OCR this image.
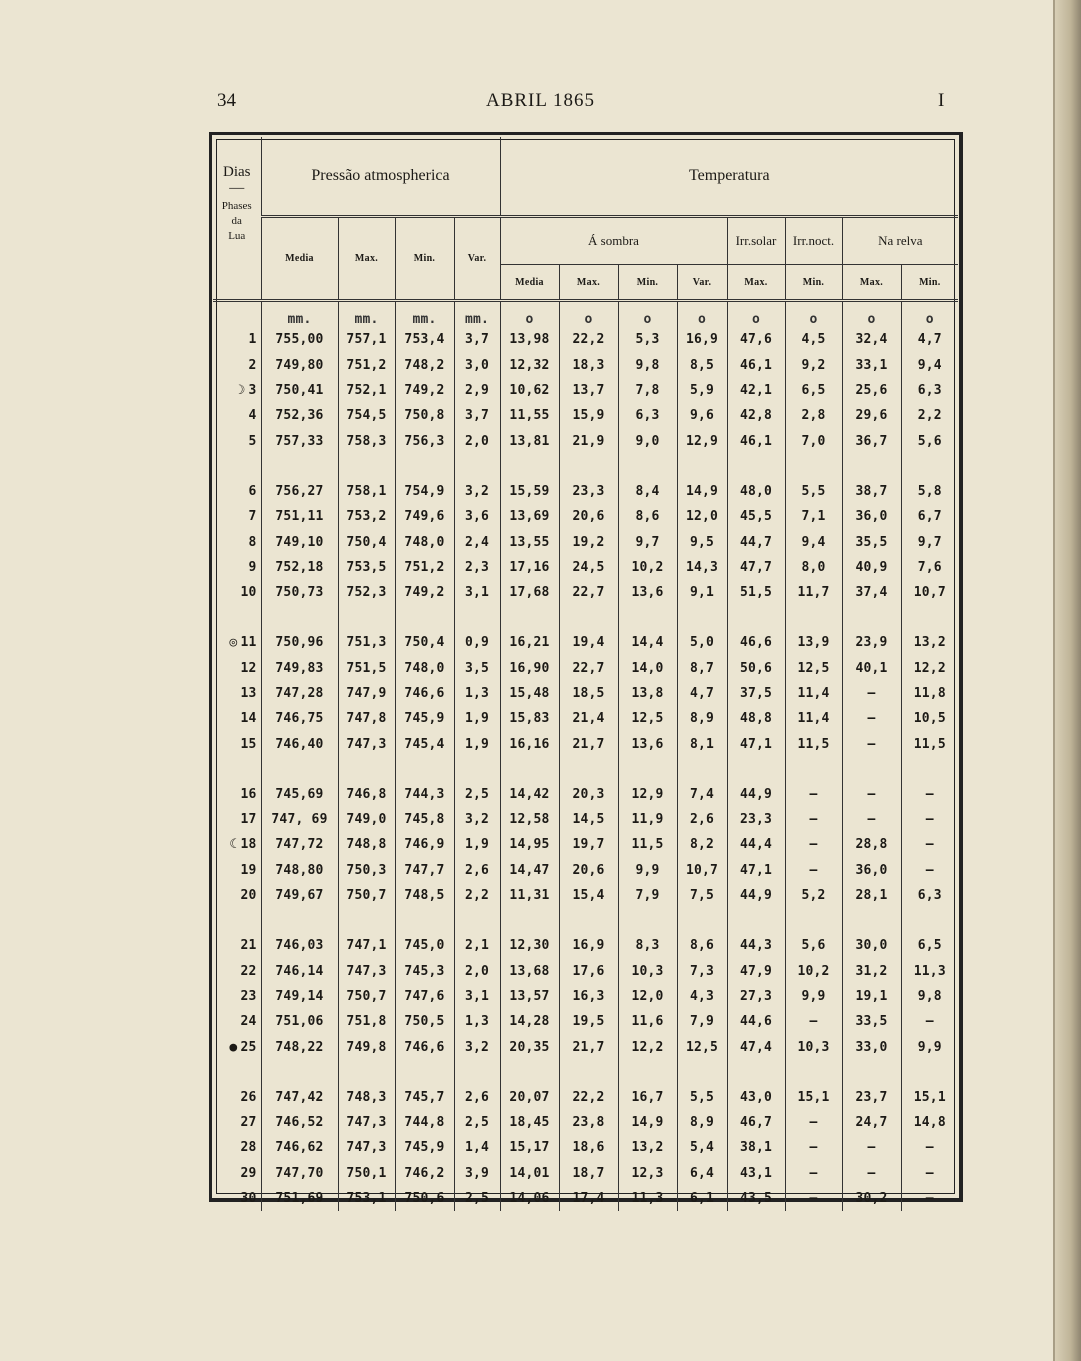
34	ABRIL 1865	I
Dias
—
Phases
da
Lua	Pressão atmospherica				Temperatura							
	Media	Max.	Min.	Var.	Á sombra				Irr.solar	Irr.noct.	Na relva	
					Media	Max.	Min.	Var.	Max.	Min.	Max.	Min.
	mm.	mm.	mm.	mm.	o	o	o	o	o	o	o	o
1	755,00	757,1	753,4	3,7	13,98	22,2	5,3	16,9	47,6	4,5	32,4	4,7
2	749,80	751,2	748,2	3,0	12,32	18,3	9,8	8,5	46,1	9,2	33,1	9,4
☽ 3	750,41	752,1	749,2	2,9	10,62	13,7	7,8	5,9	42,1	6,5	25,6	6,3
4	752,36	754,5	750,8	3,7	11,55	15,9	6,3	9,6	42,8	2,8	29,6	2,2
5	757,33	758,3	756,3	2,0	13,81	21,9	9,0	12,9	46,1	7,0	36,7	5,6

6	756,27	758,1	754,9	3,2	15,59	23,3	8,4	14,9	48,0	5,5	38,7	5,8
7	751,11	753,2	749,6	3,6	13,69	20,6	8,6	12,0	45,5	7,1	36,0	6,7
8	749,10	750,4	748,0	2,4	13,55	19,2	9,7	9,5	44,7	9,4	35,5	9,7
9	752,18	753,5	751,2	2,3	17,16	24,5	10,2	14,3	47,7	8,0	40,9	7,6
10	750,73	752,3	749,2	3,1	17,68	22,7	13,6	9,1	51,5	11,7	37,4	10,7

◎ 11	750,96	751,3	750,4	0,9	16,21	19,4	14,4	5,0	46,6	13,9	23,9	13,2
12	749,83	751,5	748,0	3,5	16,90	22,7	14,0	8,7	50,6	12,5	40,1	12,2
13	747,28	747,9	746,6	1,3	15,48	18,5	13,8	4,7	37,5	11,4	—	11,8
14	746,75	747,8	745,9	1,9	15,83	21,4	12,5	8,9	48,8	11,4	—	10,5
15	746,40	747,3	745,4	1,9	16,16	21,7	13,6	8,1	47,1	11,5	—	11,5

16	745,69	746,8	744,3	2,5	14,42	20,3	12,9	7,4	44,9	—	—	—
17	747, 69	749,0	745,8	3,2	12,58	14,5	11,9	2,6	23,3	—	—	—
☾ 18	747,72	748,8	746,9	1,9	14,95	19,7	11,5	8,2	44,4	—	28,8	—
19	748,80	750,3	747,7	2,6	14,47	20,6	9,9	10,7	47,1	—	36,0	—
20	749,67	750,7	748,5	2,2	11,31	15,4	7,9	7,5	44,9	5,2	28,1	6,3

21	746,03	747,1	745,0	2,1	12,30	16,9	8,3	8,6	44,3	5,6	30,0	6,5
22	746,14	747,3	745,3	2,0	13,68	17,6	10,3	7,3	47,9	10,2	31,2	11,3
23	749,14	750,7	747,6	3,1	13,57	16,3	12,0	4,3	27,3	9,9	19,1	9,8
24	751,06	751,8	750,5	1,3	14,28	19,5	11,6	7,9	44,6	—	33,5	—
● 25	748,22	749,8	746,6	3,2	20,35	21,7	12,2	12,5	47,4	10,3	33,0	9,9

26	747,42	748,3	745,7	2,6	20,07	22,2	16,7	5,5	43,0	15,1	23,7	15,1
27	746,52	747,3	744,8	2,5	18,45	23,8	14,9	8,9	46,7	—	24,7	14,8
28	746,62	747,3	745,9	1,4	15,17	18,6	13,2	5,4	38,1	—	—	—
29	747,70	750,1	746,2	3,9	14,01	18,7	12,3	6,4	43,1	—	—	—
30	751,69	753,1	750,6	2,5	14,06	17,4	11,3	6,1	43,5	—	30,2	—
